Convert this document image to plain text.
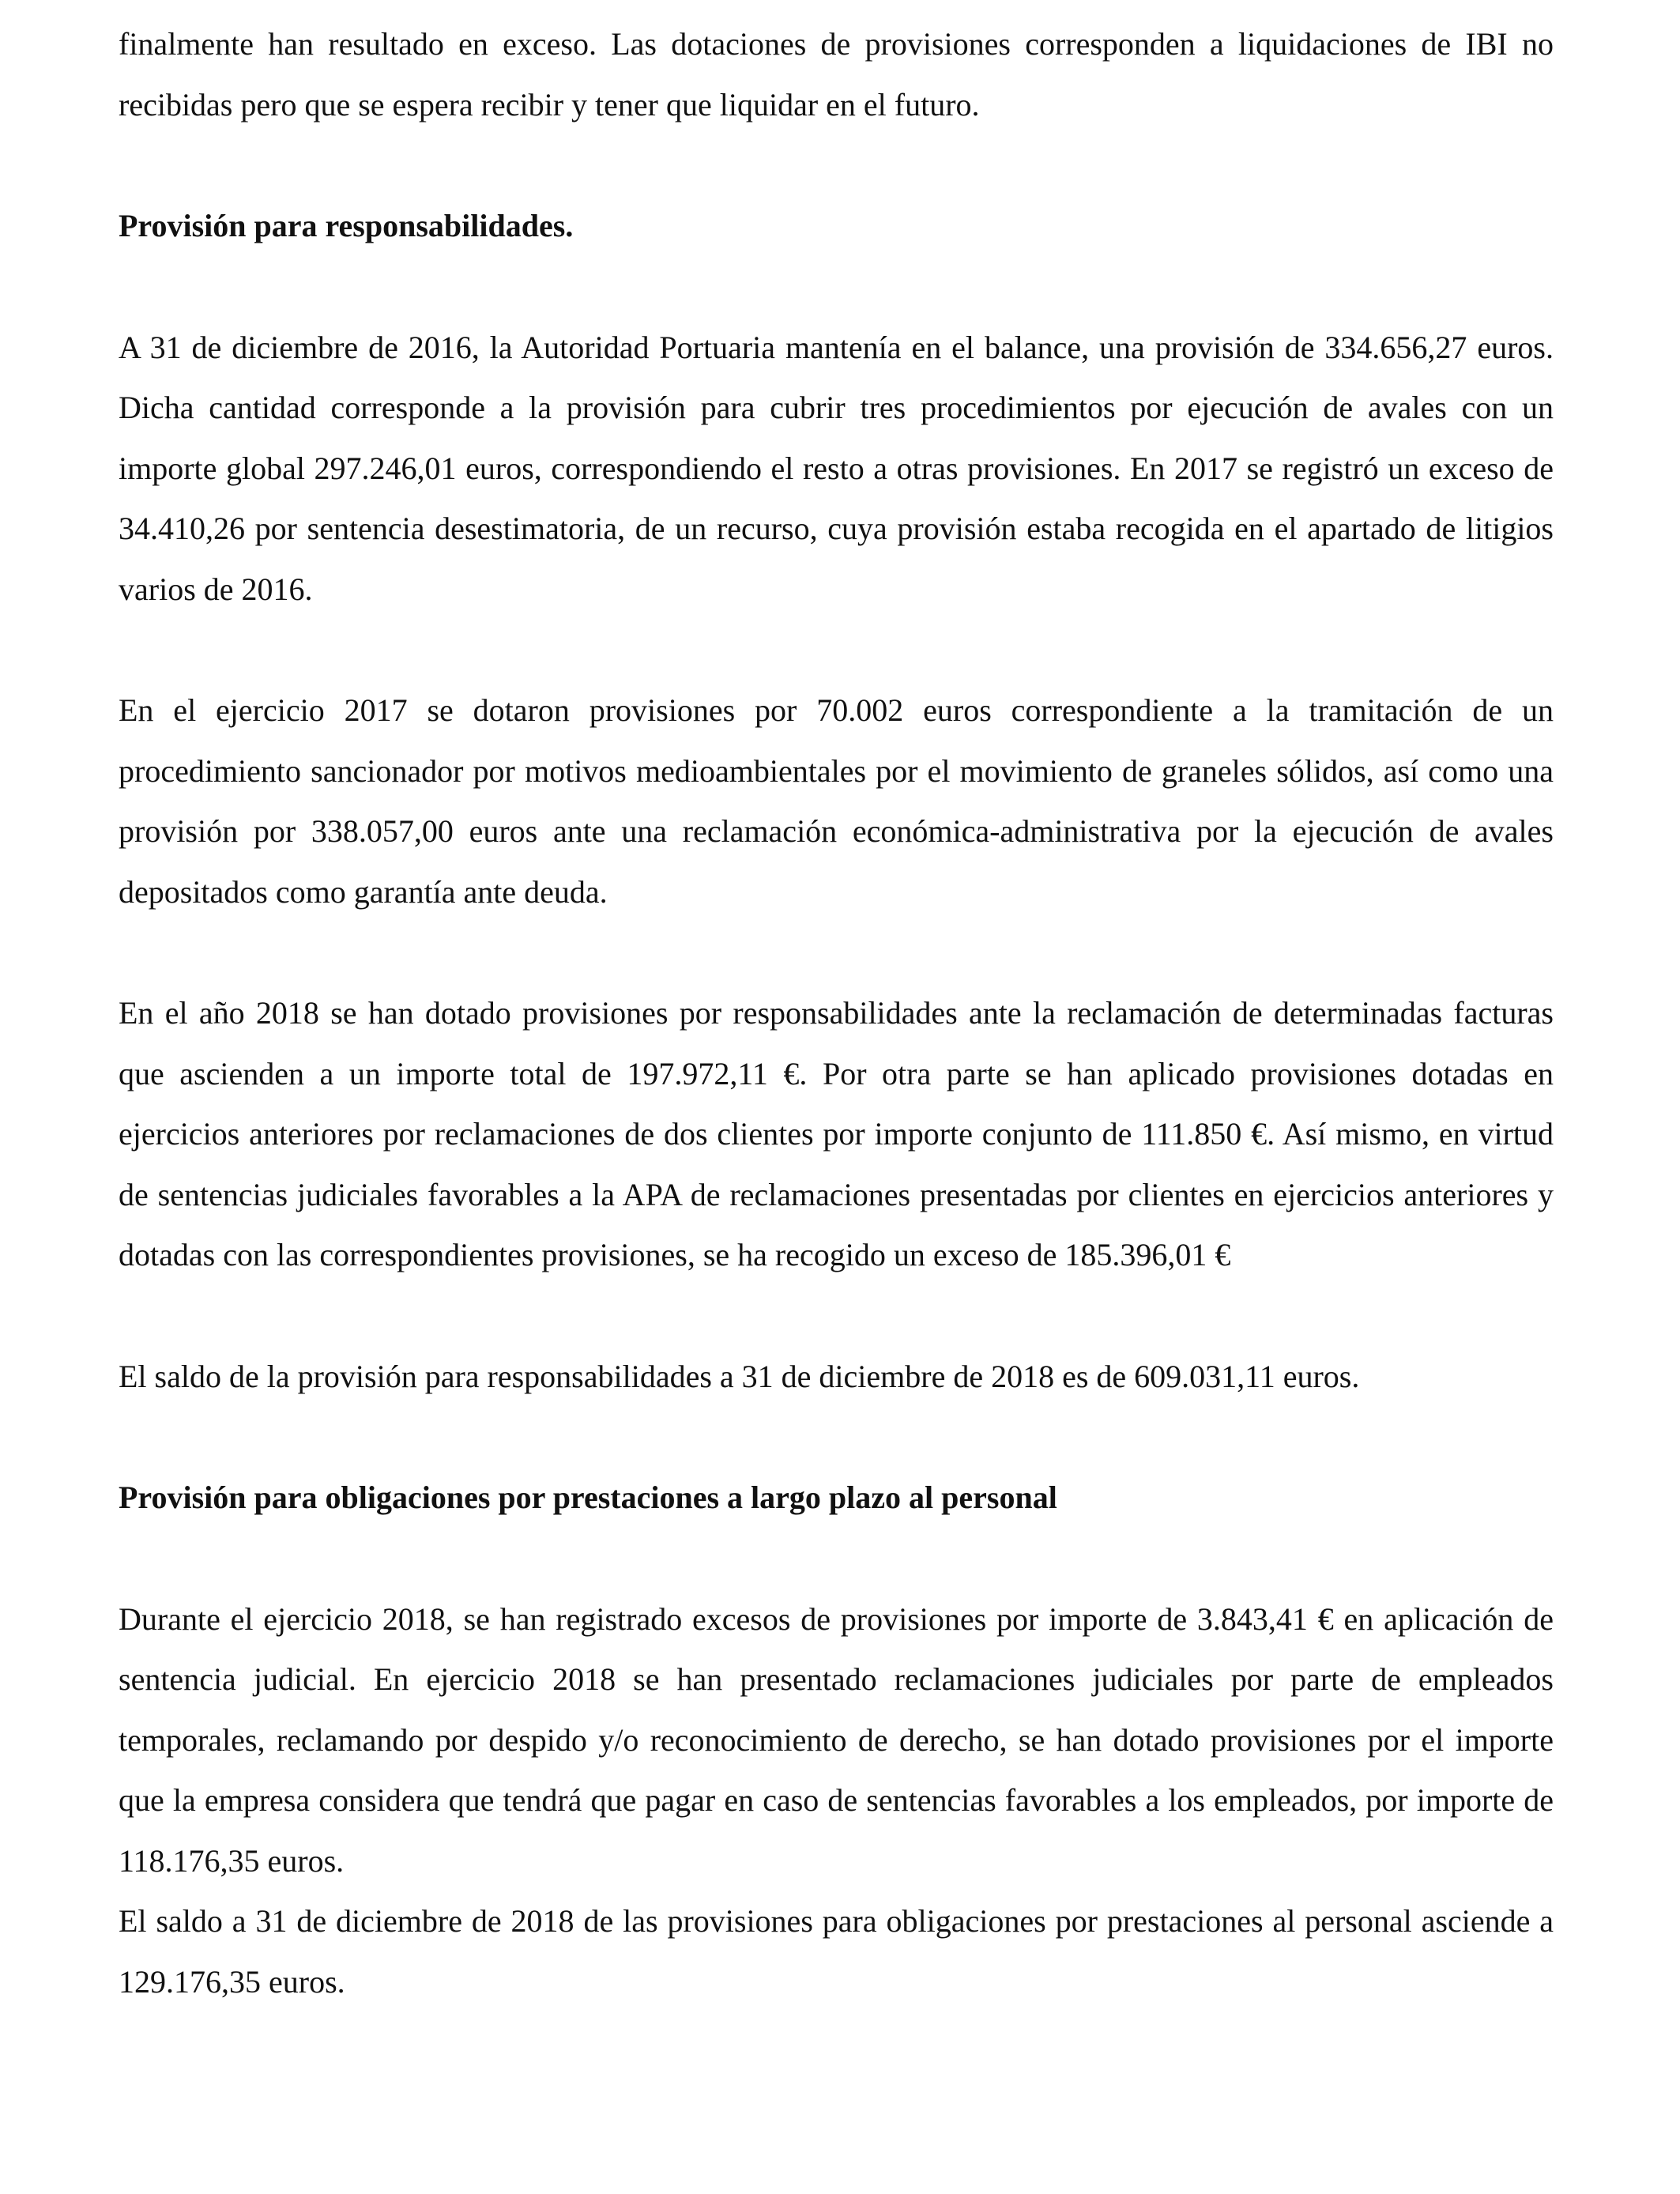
finalmente han resultado en exceso. Las dotaciones de provisiones corresponden a liquidaciones de IBI no recibidas pero que se espera recibir y tener que liquidar en el futuro.

Provisión para responsabilidades.

A 31 de diciembre de 2016, la Autoridad Portuaria mantenía en el balance, una provisión de 334.656,27 euros. Dicha cantidad corresponde a la provisión para cubrir tres procedimientos por ejecución de avales con un importe global 297.246,01 euros, correspondiendo el resto a otras provisiones. En 2017 se registró un exceso de 34.410,26 por sentencia desestimatoria, de un recurso, cuya provisión estaba recogida en el apartado de litigios varios de 2016.

En el ejercicio 2017 se dotaron provisiones por 70.002 euros correspondiente a la tramitación de un procedimiento sancionador por motivos medioambientales por el movimiento de graneles sólidos, así como una provisión por 338.057,00 euros ante una reclamación económica-administrativa por la ejecución de avales depositados como garantía ante deuda.

En el año 2018 se han dotado provisiones por responsabilidades ante la reclamación de determinadas facturas que ascienden a un importe total de 197.972,11 €. Por otra parte se han aplicado provisiones dotadas en ejercicios anteriores por reclamaciones de dos clientes por importe conjunto de 111.850 €. Así mismo, en virtud de sentencias judiciales favorables a la APA de reclamaciones presentadas por clientes en ejercicios anteriores y dotadas con las correspondientes provisiones, se ha recogido un exceso de 185.396,01 €

El saldo de la provisión para responsabilidades a 31 de diciembre de 2018 es de 609.031,11 euros.

Provisión para obligaciones por prestaciones a largo plazo al personal

Durante el ejercicio 2018, se han registrado excesos de provisiones por importe de 3.843,41 € en aplicación de sentencia judicial. En ejercicio 2018 se han presentado reclamaciones judiciales por parte de empleados temporales, reclamando por despido y/o reconocimiento de derecho, se han dotado provisiones por el importe que la empresa considera que tendrá que pagar en caso de sentencias favorables a los empleados, por importe de 118.176,35 euros.

El saldo a 31 de diciembre de 2018 de las provisiones para obligaciones por prestaciones al personal asciende a 129.176,35 euros.
